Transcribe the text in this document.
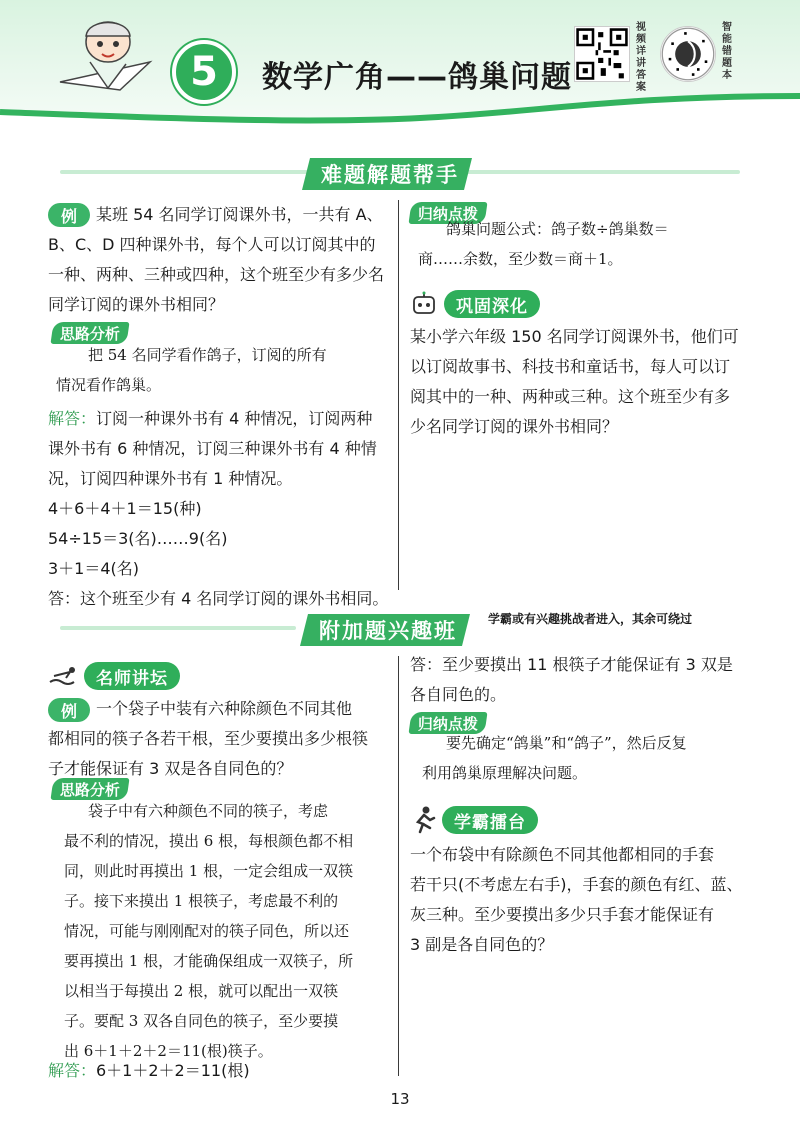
5	数学广角——鸽巢问题
视频详讲答案
智能错题本
难题解题帮手
例	某班 54 名同学订阅课外书，一共有 A、
B、C、D 四种课外书，每个人可以订阅其中的
一种、两种、三种或四种，这个班至少有多少名
同学订阅的课外书相同？
思路分析
把 54 名同学看作鸽子，订阅的所有
情况看作鸽巢。
解答： 订阅一种课外书有 4 种情况，订阅两种
课外书有 6 种情况，订阅三种课外书有 4 种情
况，订阅四种课外书有 1 种情况。
4＋6＋4＋1＝15(种)
54÷15＝3(名)……9(名)
3＋1＝4(名)
答：这个班至少有 4 名同学订阅的课外书相同。
归纳点拨
鸽巢问题公式：鸽子数÷鸽巢数＝
商……余数，至少数＝商＋1。
巩固深化
某小学六年级 150 名同学订阅课外书，他们可
以订阅故事书、科技书和童话书，每人可以订
阅其中的一种、两种或三种。这个班至少有多
少名同学订阅的课外书相同？
附加题兴趣班	学霸或有兴趣挑战者进入，其余可绕过
名师讲坛
例	一个袋子中装有六种除颜色不同其他
都相同的筷子各若干根，至少要摸出多少根筷
子才能保证有 3 双是各自同色的？
思路分析
袋子中有六种颜色不同的筷子，考虑
最不利的情况，摸出 6 根，每根颜色都不相
同，则此时再摸出 1 根，一定会组成一双筷
子。接下来摸出 1 根筷子，考虑最不利的
情况，可能与刚刚配对的筷子同色，所以还
要再摸出 1 根，才能确保组成一双筷子，所
以相当于每摸出 2 根，就可以配出一双筷
子。要配 3 双各自同色的筷子，至少要摸
出 6＋1＋2＋2＝11(根)筷子。
解答： 6＋1＋2＋2＝11(根)
答：至少要摸出 11 根筷子才能保证有 3 双是
各自同色的。
归纳点拨
要先确定“鸽巢”和“鸽子”，然后反复
利用鸽巢原理解决问题。
学霸擂台
一个布袋中有除颜色不同其他都相同的手套
若干只(不考虑左右手)，手套的颜色有红、蓝、
灰三种。至少要摸出多少只手套才能保证有
3 副是各自同色的？
13
